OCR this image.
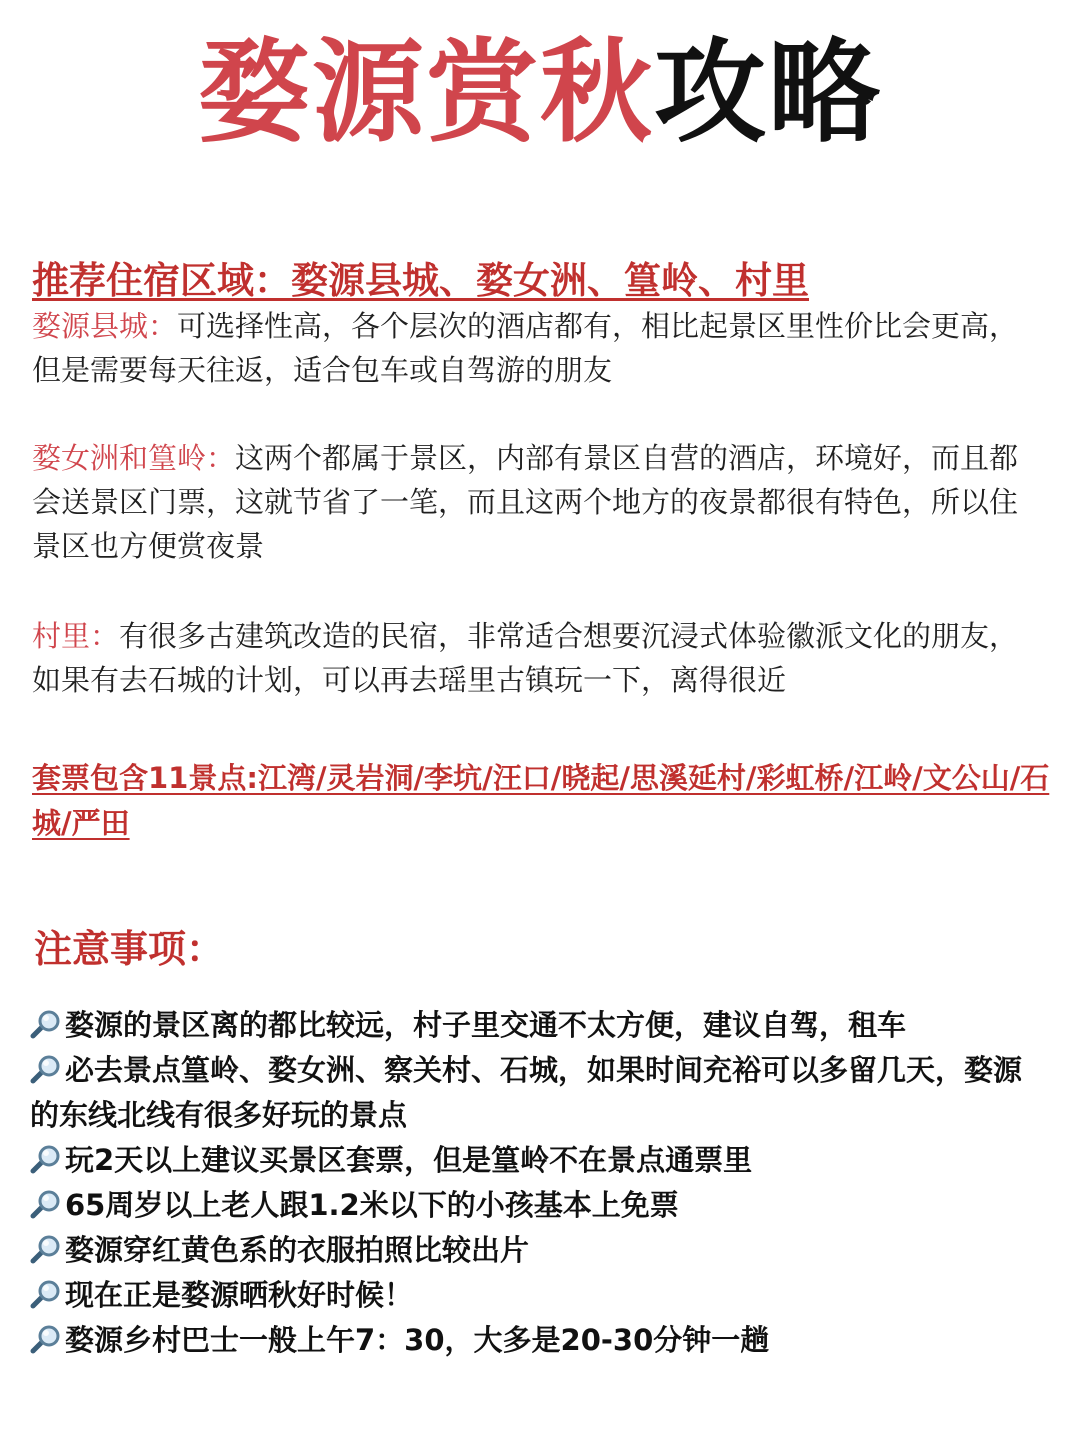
婺源赏秋攻略
推荐住宿区域：婺源县城、婺女洲、篁岭、村里
婺源县城：可选择性高，各个层次的酒店都有，相比起景区里性价比会更高，但是需要每天往返，适合包车或自驾游的朋友
婺女洲和篁岭：这两个都属于景区，内部有景区自营的酒店，环境好，而且都会送景区门票，这就节省了一笔，而且这两个地方的夜景都很有特色，所以住景区也方便赏夜景
村里：有很多古建筑改造的民宿，非常适合想要沉浸式体验徽派文化的朋友，如果有去石城的计划，可以再去瑶里古镇玩一下，离得很近
套票包含11景点:江湾/灵岩洞/李坑/汪口/晓起/思溪延村/彩虹桥/江岭/文公山/石城/严田
注意事项：
婺源的景区离的都比较远，村子里交通不太方便，建议自驾，租车
必去景点篁岭、婺女洲、察关村、石城，如果时间充裕可以多留几天，婺源的东线北线有很多好玩的景点
玩2天以上建议买景区套票，但是篁岭不在景点通票里
65周岁以上老人跟1.2米以下的小孩基本上免票
婺源穿红黄色系的衣服拍照比较出片
现在正是婺源晒秋好时候！
婺源乡村巴士一般上午7：30，大多是20-30分钟一趟
